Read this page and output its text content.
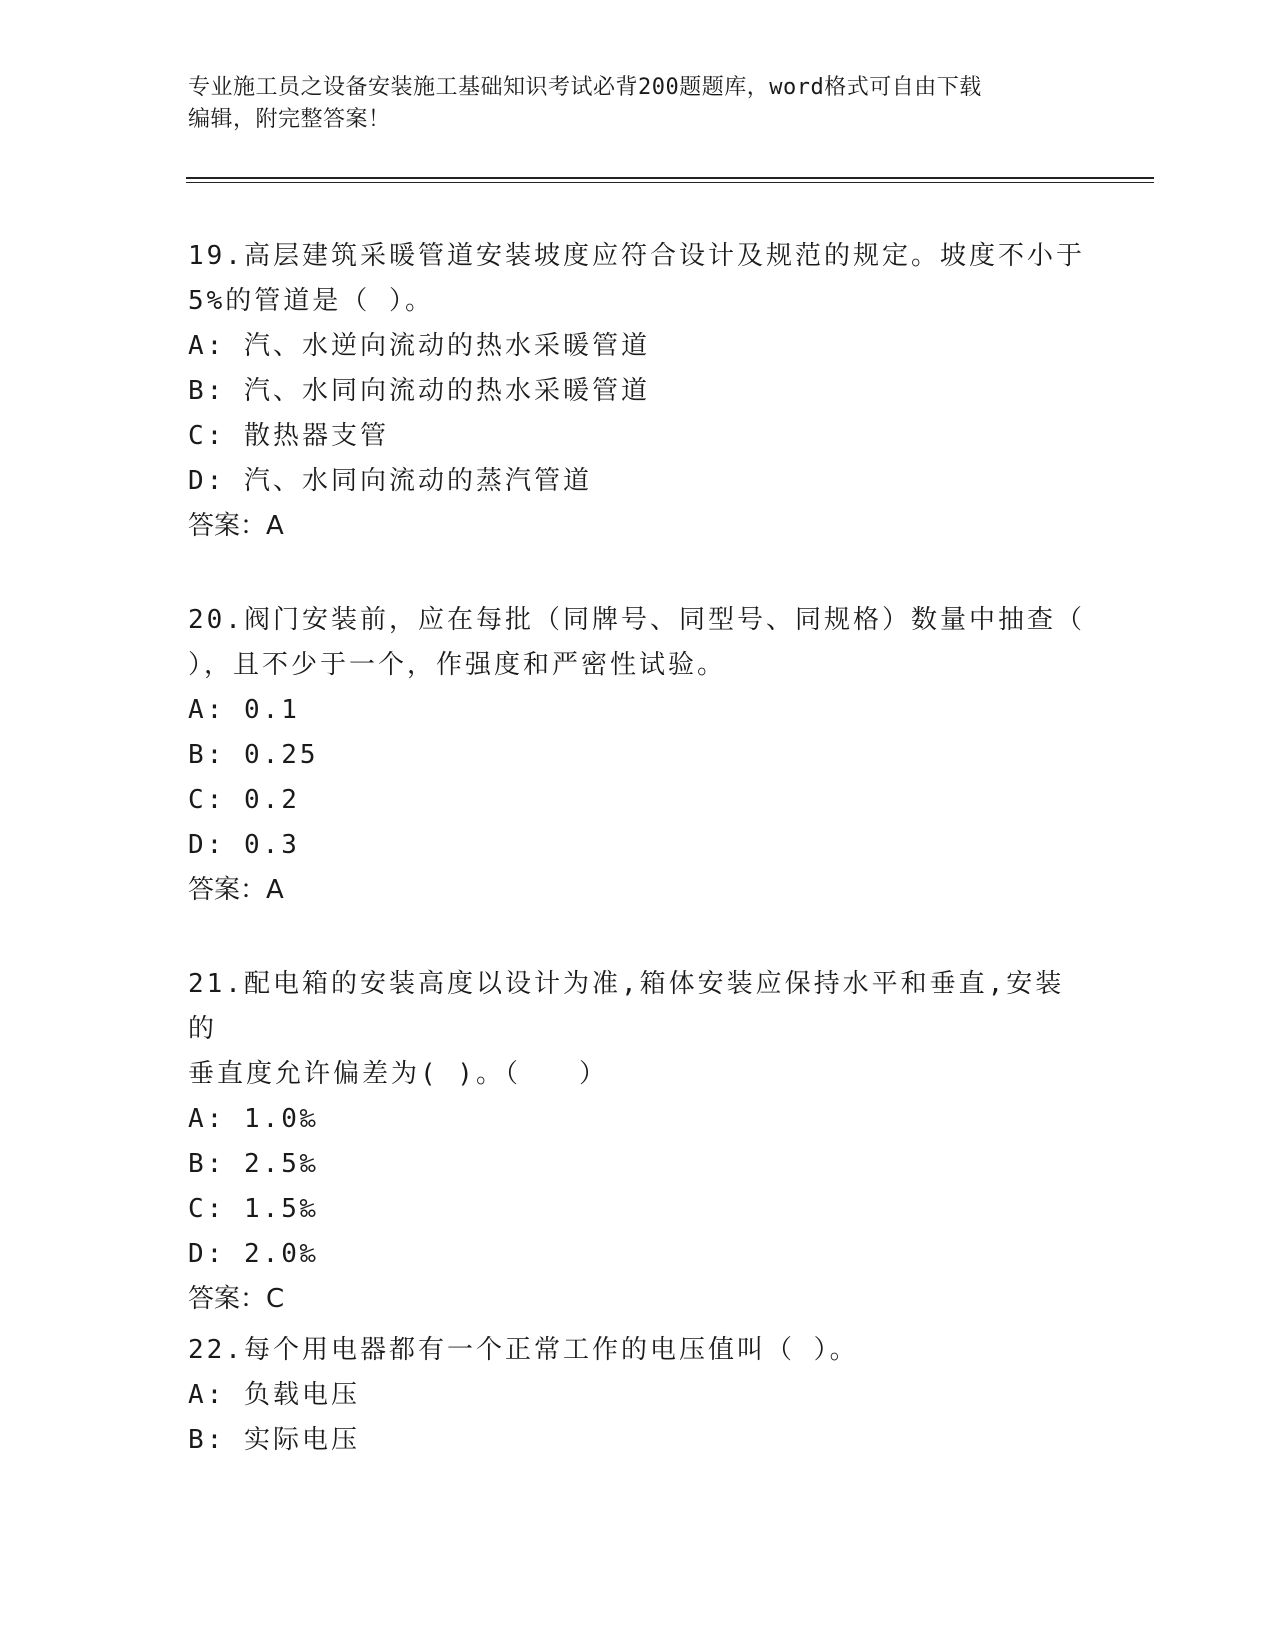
专业施工员之设备安装施工基础知识考试必背200题题库，word格式可自由下载
编辑，附完整答案！
19.高层建筑采暖管道安装坡度应符合设计及规范的规定。坡度不小于
5%的管道是（ ）。
A: 汽、水逆向流动的热水采暖管道
B: 汽、水同向流动的热水采暖管道
C: 散热器支管
D: 汽、水同向流动的蒸汽管道
答案：A
20.阀门安装前，应在每批（同牌号、同型号、同规格）数量中抽查（
），且不少于一个，作强度和严密性试验。
A: 0.1
B: 0.25
C: 0.2
D: 0.3
答案：A
21.配电箱的安装高度以设计为准,箱体安装应保持水平和垂直,安装的
垂直度允许偏差为( )。（　　）
A: 1.0‰
B: 2.5‰
C: 1.5‰
D: 2.0‰
答案：C
22.每个用电器都有一个正常工作的电压值叫（ ）。
A: 负载电压
B: 实际电压
